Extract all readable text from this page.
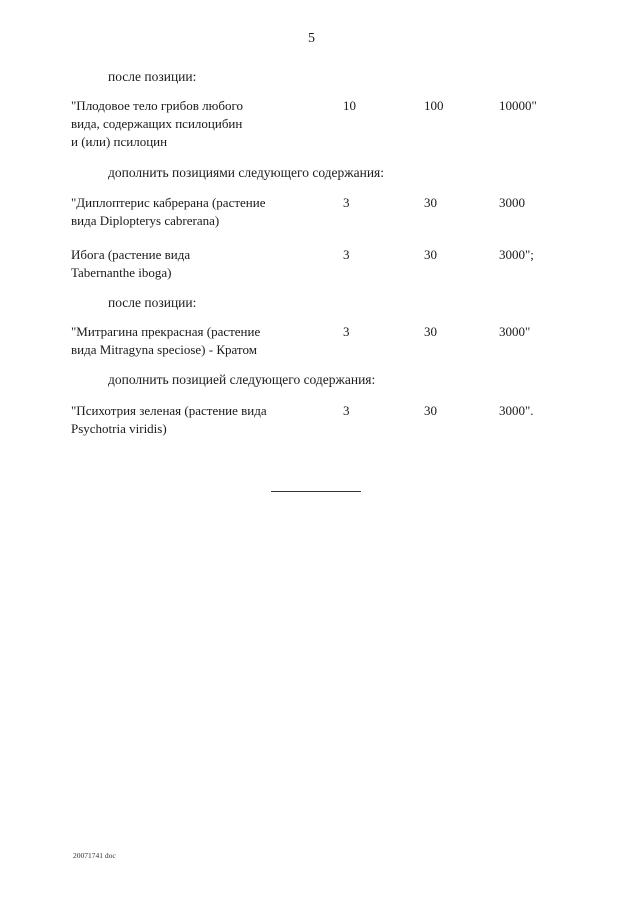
5
после позиции:
"Плодовое тело грибов любого
вида, содержащих псилоцибин
и (или) псилоцин
10	100	10000"
дополнить позициями следующего содержания:
"Диплоптерис кабрерана (растение
вида Diplopterys cabrerana)
3	30	3000
Ибога (растение вида
Tabernanthe iboga)
3	30	3000";
после позиции:
"Митрагина прекрасная (растение
вида Mitragyna speciose) - Кратом
3	30	3000"
дополнить позицией следующего содержания:
"Психотрия зеленая (растение вида
Psychotria viridis)
3	30	3000".
20071741 doc
